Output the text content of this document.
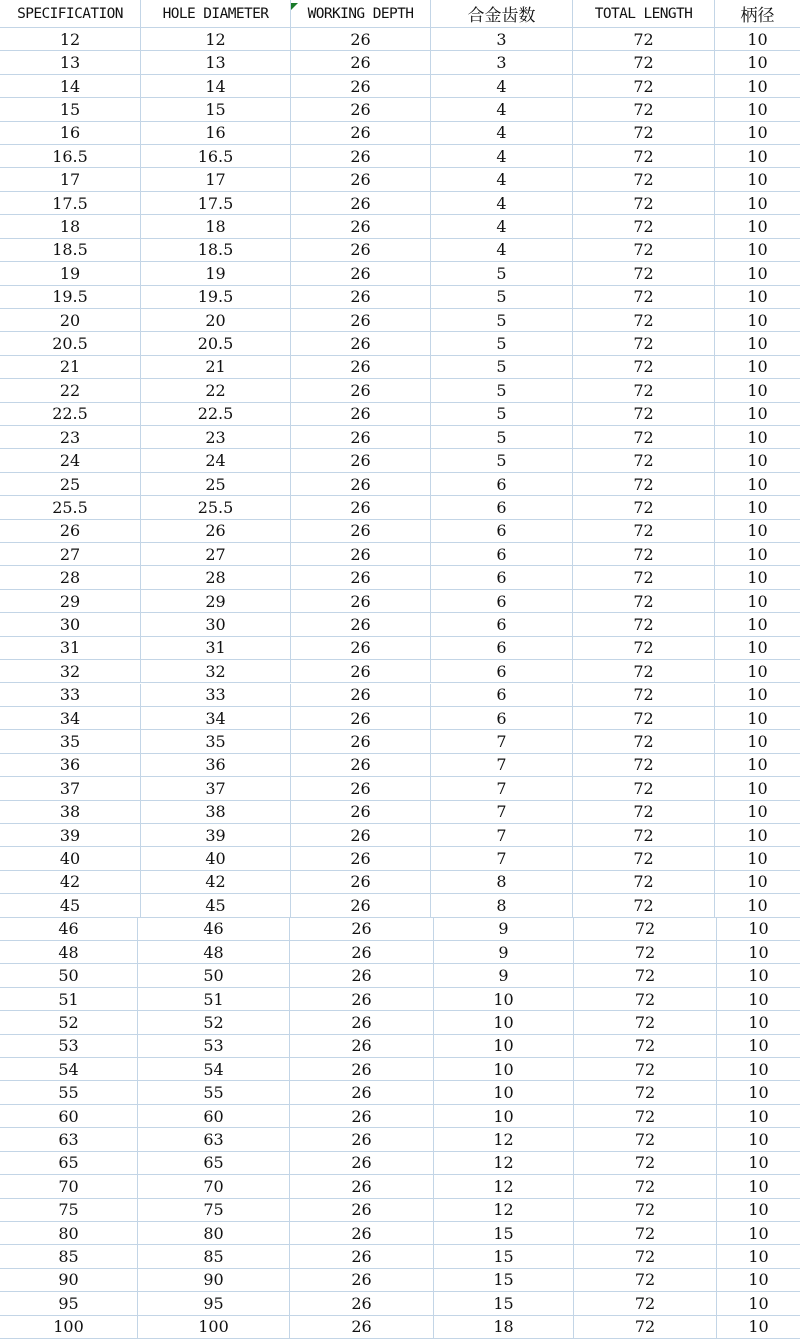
SPECIFICATION	HOLE DIAMETER	WORKING DEPTH	合金齿数	TOTAL LENGTH	柄径
12	12	26	3	72	10
13	13	26	3	72	10
14	14	26	4	72	10
15	15	26	4	72	10
16	16	26	4	72	10
16.5	16.5	26	4	72	10
17	17	26	4	72	10
17.5	17.5	26	4	72	10
18	18	26	4	72	10
18.5	18.5	26	4	72	10
19	19	26	5	72	10
19.5	19.5	26	5	72	10
20	20	26	5	72	10
20.5	20.5	26	5	72	10
21	21	26	5	72	10
22	22	26	5	72	10
22.5	22.5	26	5	72	10
23	23	26	5	72	10
24	24	26	5	72	10
25	25	26	6	72	10
25.5	25.5	26	6	72	10
26	26	26	6	72	10
27	27	26	6	72	10
28	28	26	6	72	10
29	29	26	6	72	10
30	30	26	6	72	10
31	31	26	6	72	10
32	32	26	6	72	10
33	33	26	6	72	10
34	34	26	6	72	10
35	35	26	7	72	10
36	36	26	7	72	10
37	37	26	7	72	10
38	38	26	7	72	10
39	39	26	7	72	10
40	40	26	7	72	10
42	42	26	8	72	10
45	45	26	8	72	10
46	46	26	9	72	10
48	48	26	9	72	10
50	50	26	9	72	10
51	51	26	10	72	10
52	52	26	10	72	10
53	53	26	10	72	10
54	54	26	10	72	10
55	55	26	10	72	10
60	60	26	10	72	10
63	63	26	12	72	10
65	65	26	12	72	10
70	70	26	12	72	10
75	75	26	12	72	10
80	80	26	15	72	10
85	85	26	15	72	10
90	90	26	15	72	10
95	95	26	15	72	10
100	100	26	18	72	10
